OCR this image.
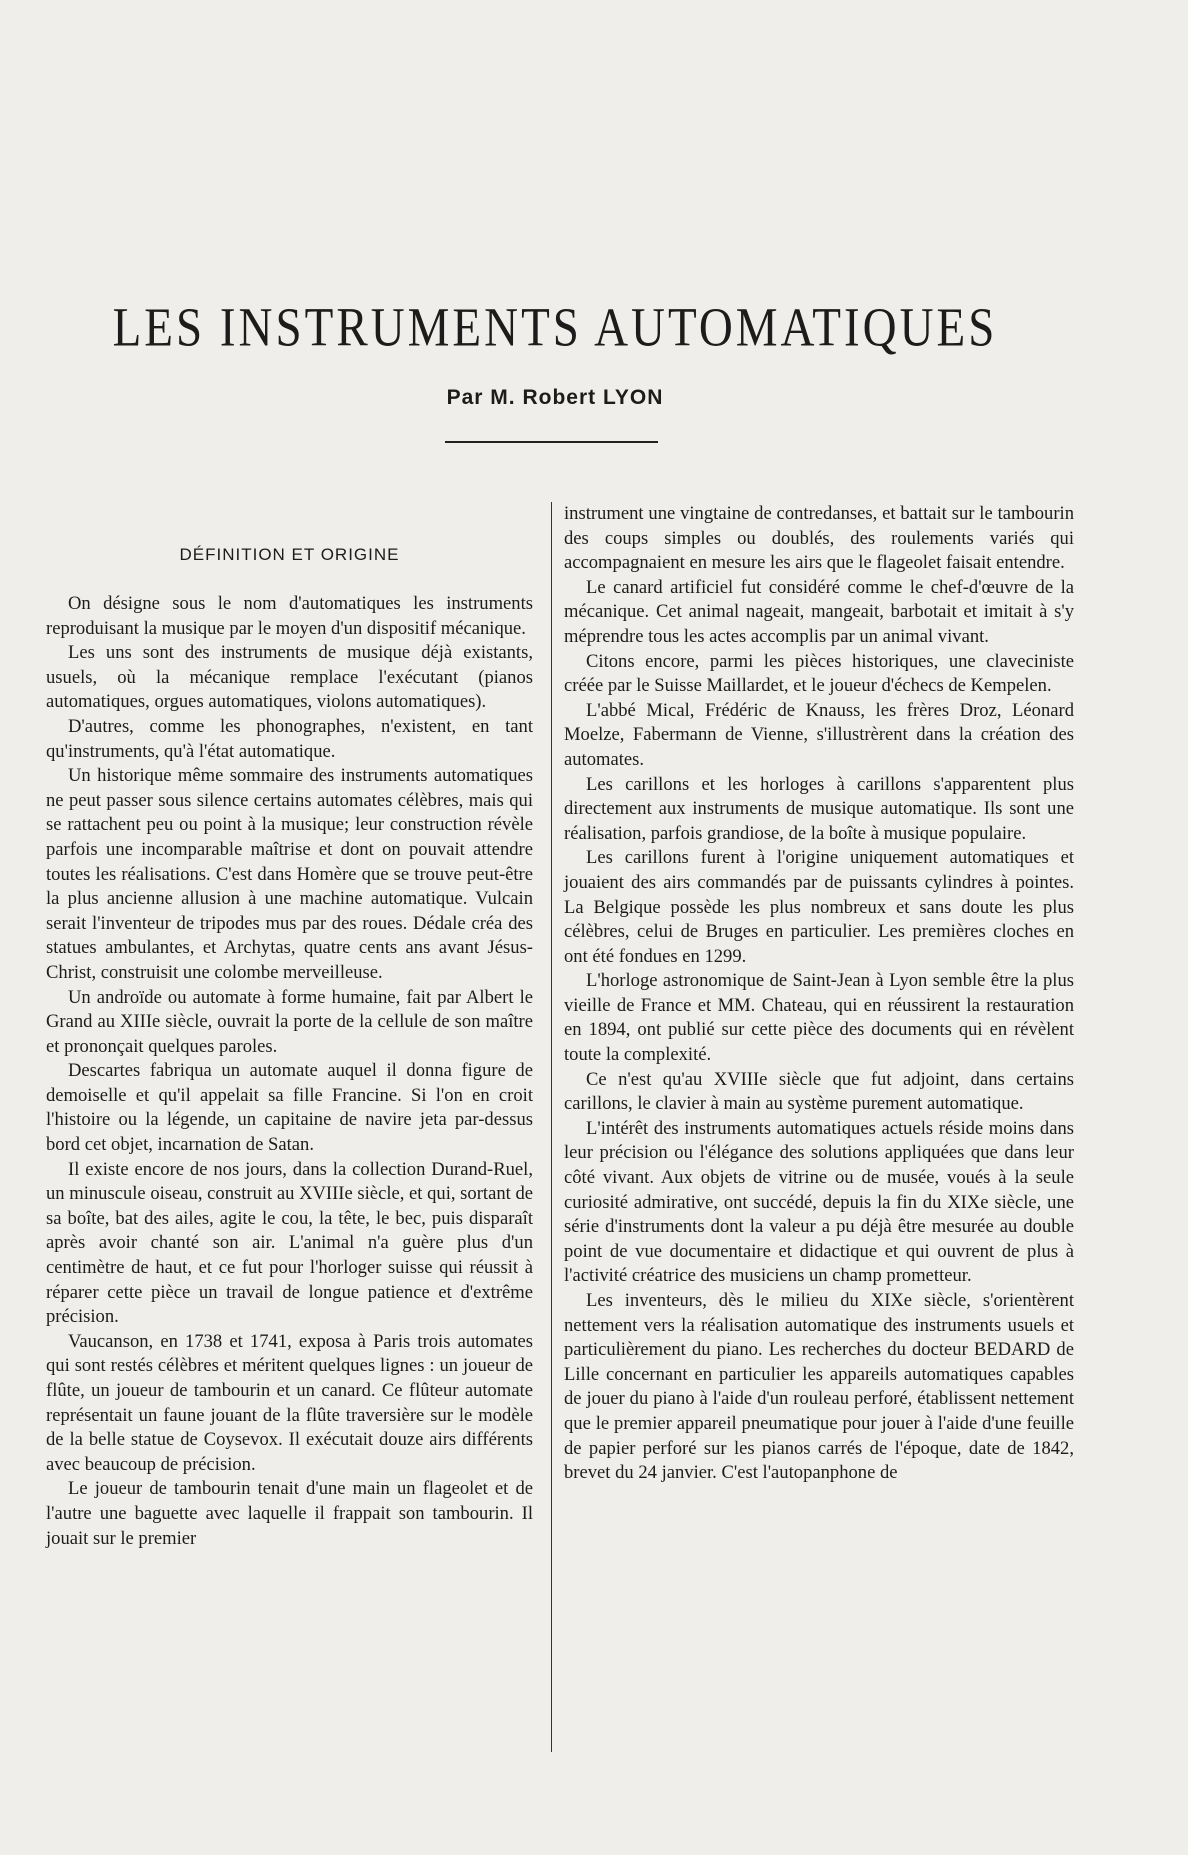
LES INSTRUMENTS AUTOMATIQUES
Par M. Robert LYON
DÉFINITION ET ORIGINE

On désigne sous le nom d'automatiques les instruments reproduisant la musique par le moyen d'un dispositif mécanique.

Les uns sont des instruments de musique déjà existants, usuels, où la mécanique remplace l'exécutant (pianos automatiques, orgues automatiques, violons automatiques).

D'autres, comme les phonographes, n'existent, en tant qu'instruments, qu'à l'état automatique.

Un historique même sommaire des instruments automatiques ne peut passer sous silence certains automates célèbres, mais qui se rattachent peu ou point à la musique; leur construction révèle parfois une incomparable maîtrise et dont on pouvait attendre toutes les réalisations. C'est dans Homère que se trouve peut-être la plus ancienne allusion à une machine automatique. Vulcain serait l'inventeur de tripodes mus par des roues. Dédale créa des statues ambulantes, et Archytas, quatre cents ans avant Jésus-Christ, construisit une colombe merveilleuse.

Un androïde ou automate à forme humaine, fait par Albert le Grand au XIIIe siècle, ouvrait la porte de la cellule de son maître et prononçait quelques paroles.

Descartes fabriqua un automate auquel il donna figure de demoiselle et qu'il appelait sa fille Francine. Si l'on en croit l'histoire ou la légende, un capitaine de navire jeta par-dessus bord cet objet, incarnation de Satan.

Il existe encore de nos jours, dans la collection Durand-Ruel, un minuscule oiseau, construit au XVIIIe siècle, et qui, sortant de sa boîte, bat des ailes, agite le cou, la tête, le bec, puis disparaît après avoir chanté son air. L'animal n'a guère plus d'un centimètre de haut, et ce fut pour l'horloger suisse qui réussit à réparer cette pièce un travail de longue patience et d'extrême précision.

Vaucanson, en 1738 et 1741, exposa à Paris trois automates qui sont restés célèbres et méritent quelques lignes : un joueur de flûte, un joueur de tambourin et un canard. Ce flûteur automate représentait un faune jouant de la flûte traversière sur le modèle de la belle statue de Coysevox. Il exécutait douze airs différents avec beaucoup de précision.

Le joueur de tambourin tenait d'une main un flageolet et de l'autre une baguette avec laquelle il frappait son tambourin. Il jouait sur le premier

instrument une vingtaine de contredanses, et battait sur le tambourin des coups simples ou doublés, des roulements variés qui accompagnaient en mesure les airs que le flageolet faisait entendre.

Le canard artificiel fut considéré comme le chef-d'œuvre de la mécanique. Cet animal nageait, mangeait, barbotait et imitait à s'y méprendre tous les actes accomplis par un animal vivant.

Citons encore, parmi les pièces historiques, une claveciniste créée par le Suisse Maillardet, et le joueur d'échecs de Kempelen.

L'abbé Mical, Frédéric de Knauss, les frères Droz, Léonard Moelze, Fabermann de Vienne, s'illustrèrent dans la création des automates.

Les carillons et les horloges à carillons s'apparentent plus directement aux instruments de musique automatique. Ils sont une réalisation, parfois grandiose, de la boîte à musique populaire.

Les carillons furent à l'origine uniquement automatiques et jouaient des airs commandés par de puissants cylindres à pointes. La Belgique possède les plus nombreux et sans doute les plus célèbres, celui de Bruges en particulier. Les premières cloches en ont été fondues en 1299.

L'horloge astronomique de Saint-Jean à Lyon semble être la plus vieille de France et MM. Chateau, qui en réussirent la restauration en 1894, ont publié sur cette pièce des documents qui en révèlent toute la complexité.

Ce n'est qu'au XVIIIe siècle que fut adjoint, dans certains carillons, le clavier à main au système purement automatique.

L'intérêt des instruments automatiques actuels réside moins dans leur précision ou l'élégance des solutions appliquées que dans leur côté vivant. Aux objets de vitrine ou de musée, voués à la seule curiosité admirative, ont succédé, depuis la fin du XIXe siècle, une série d'instruments dont la valeur a pu déjà être mesurée au double point de vue documentaire et didactique et qui ouvrent de plus à l'activité créatrice des musiciens un champ prometteur.

Les inventeurs, dès le milieu du XIXe siècle, s'orientèrent nettement vers la réalisation automatique des instruments usuels et particulièrement du piano. Les recherches du docteur BEDARD de Lille concernant en particulier les appareils automatiques capables de jouer du piano à l'aide d'un rouleau perforé, établissent nettement que le premier appareil pneumatique pour jouer à l'aide d'une feuille de papier perforé sur les pianos carrés de l'époque, date de 1842, brevet du 24 janvier. C'est l'autopanphone de
